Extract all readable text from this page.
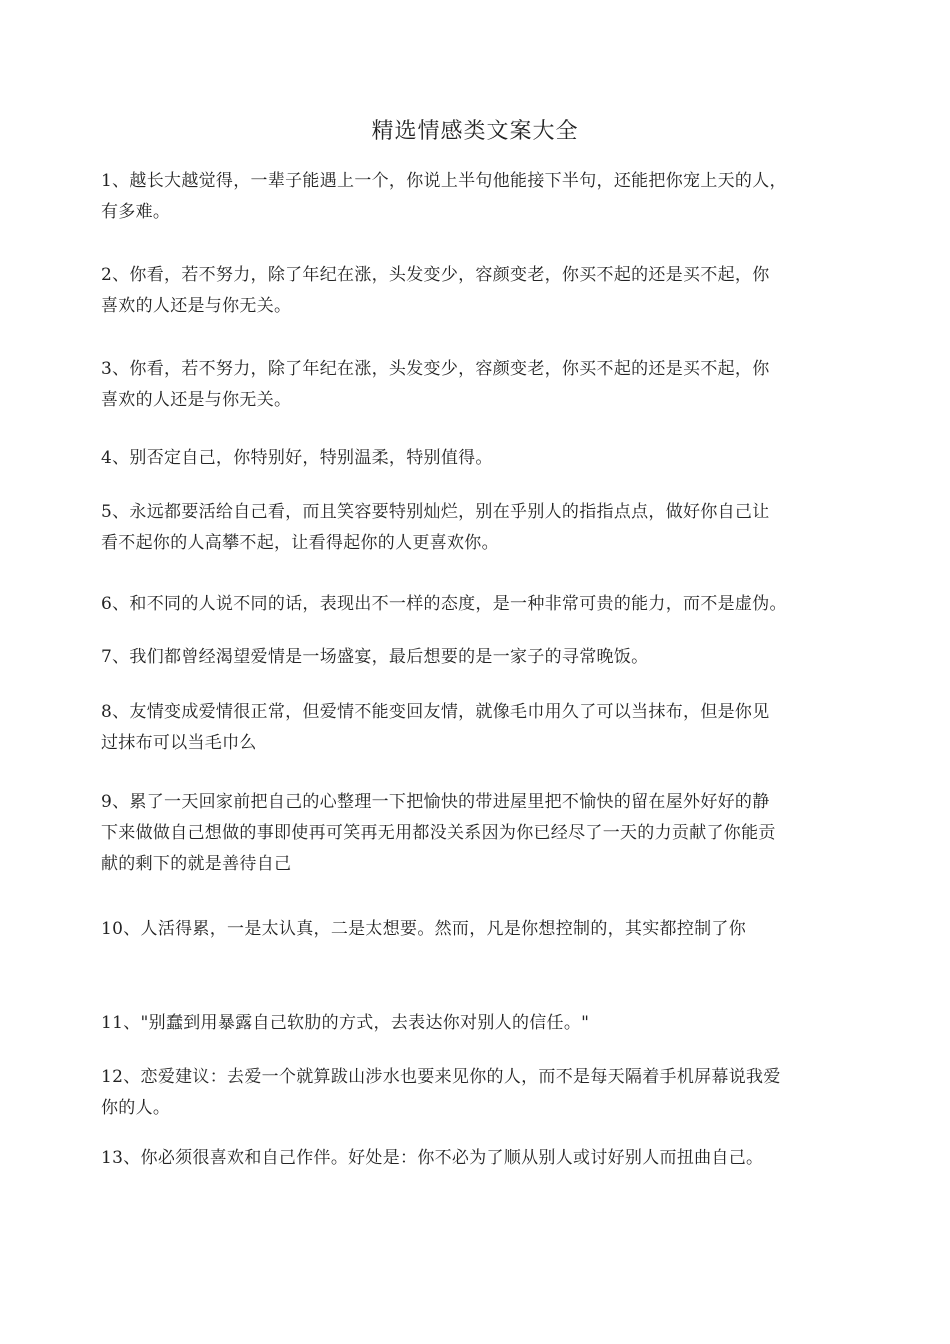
精选情感类文案大全
1、越长大越觉得，一辈子能遇上一个，你说上半句他能接下半句，还能把你宠上天的人，
有多难。
2、你看，若不努力，除了年纪在涨，头发变少，容颜变老，你买不起的还是买不起，你
喜欢的人还是与你无关。
3、你看，若不努力，除了年纪在涨，头发变少，容颜变老，你买不起的还是买不起，你
喜欢的人还是与你无关。
4、别否定自己，你特别好，特别温柔，特别值得。
5、永远都要活给自己看，而且笑容要特别灿烂，别在乎别人的指指点点，做好你自己让
看不起你的人高攀不起，让看得起你的人更喜欢你。
6、和不同的人说不同的话，表现出不一样的态度，是一种非常可贵的能力，而不是虚伪。
7、我们都曾经渴望爱情是一场盛宴，最后想要的是一家子的寻常晚饭。
8、友情变成爱情很正常，但爱情不能变回友情，就像毛巾用久了可以当抹布，但是你见
过抹布可以当毛巾么
9、累了一天回家前把自己的心整理一下把愉快的带进屋里把不愉快的留在屋外好好的静
下来做做自己想做的事即使再可笑再无用都没关系因为你已经尽了一天的力贡献了你能贡
献的剩下的就是善待自己
10、人活得累，一是太认真，二是太想要。然而，凡是你想控制的，其实都控制了你
11、"别蠢到用暴露自己软肋的方式，去表达你对别人的信任。"
12、恋爱建议：去爱一个就算跋山涉水也要来见你的人，而不是每天隔着手机屏幕说我爱
你的人。
13、你必须很喜欢和自己作伴。好处是：你不必为了顺从别人或讨好别人而扭曲自己。
